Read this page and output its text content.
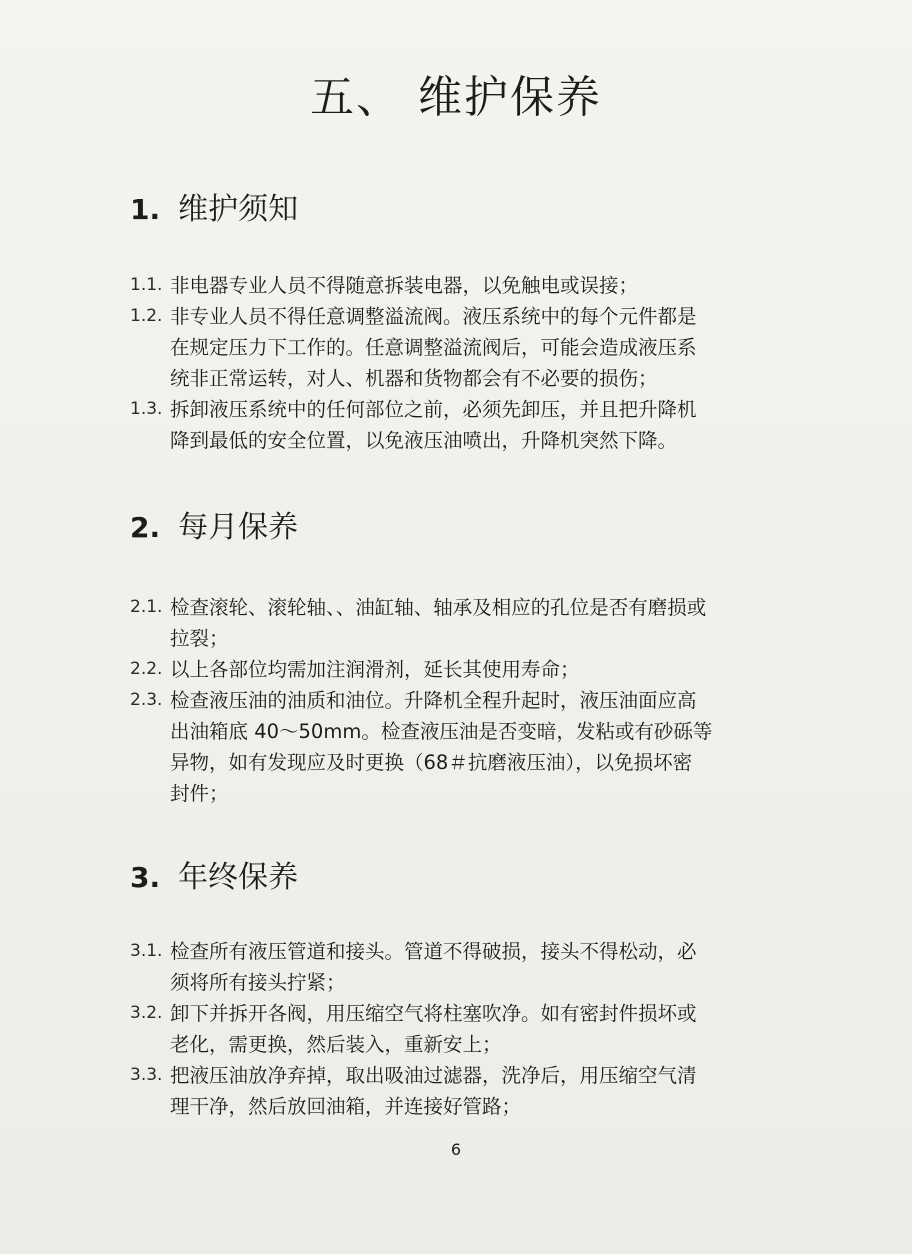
五、 维护保养
1. 维护须知
1.1. 非电器专业人员不得随意拆装电器，以免触电或误接；
1.2. 非专业人员不得任意调整溢流阀。液压系统中的每个元件都是
在规定压力下工作的。任意调整溢流阀后，可能会造成液压系
统非正常运转，对人、机器和货物都会有不必要的损伤；
1.3. 拆卸液压系统中的任何部位之前，必须先卸压，并且把升降机
降到最低的安全位置，以免液压油喷出，升降机突然下降。
2. 每月保养
2.1. 检查滚轮、滚轮轴、、油缸轴、轴承及相应的孔位是否有磨损或
拉裂；
2.2. 以上各部位均需加注润滑剂，延长其使用寿命；
2.3. 检查液压油的油质和油位。升降机全程升起时，液压油面应高
出油箱底 40～50mm。检查液压油是否变暗，发粘或有砂砾等
异物，如有发现应及时更换（68＃抗磨液压油），以免损坏密
封件；
3. 年终保养
3.1. 检查所有液压管道和接头。管道不得破损，接头不得松动，必
须将所有接头拧紧；
3.2. 卸下并拆开各阀，用压缩空气将柱塞吹净。如有密封件损坏或
老化，需更换，然后装入，重新安上；
3.3. 把液压油放净弃掉，取出吸油过滤器，洗净后，用压缩空气清
理干净，然后放回油箱，并连接好管路；
6
